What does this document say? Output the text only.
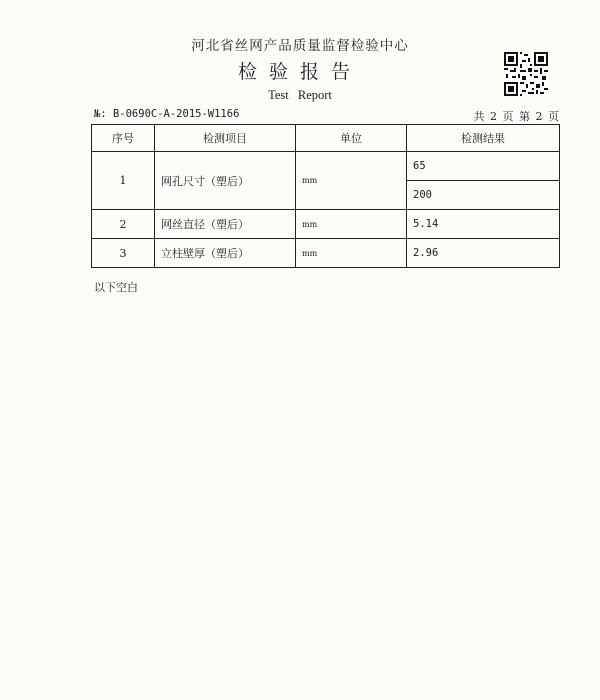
河北省丝网产品质量监督检验中心
检验报告
Test Report
№: B-0690C-A-2015-W1166	共 2 页 第 2 页
序号	检测项目	单位	检测结果
1	网孔尺寸（塑后）	mm	65
			200
2	网丝直径（塑后）	mm	5.14
3	立柱壁厚（塑后）	mm	2.96
以下空白
